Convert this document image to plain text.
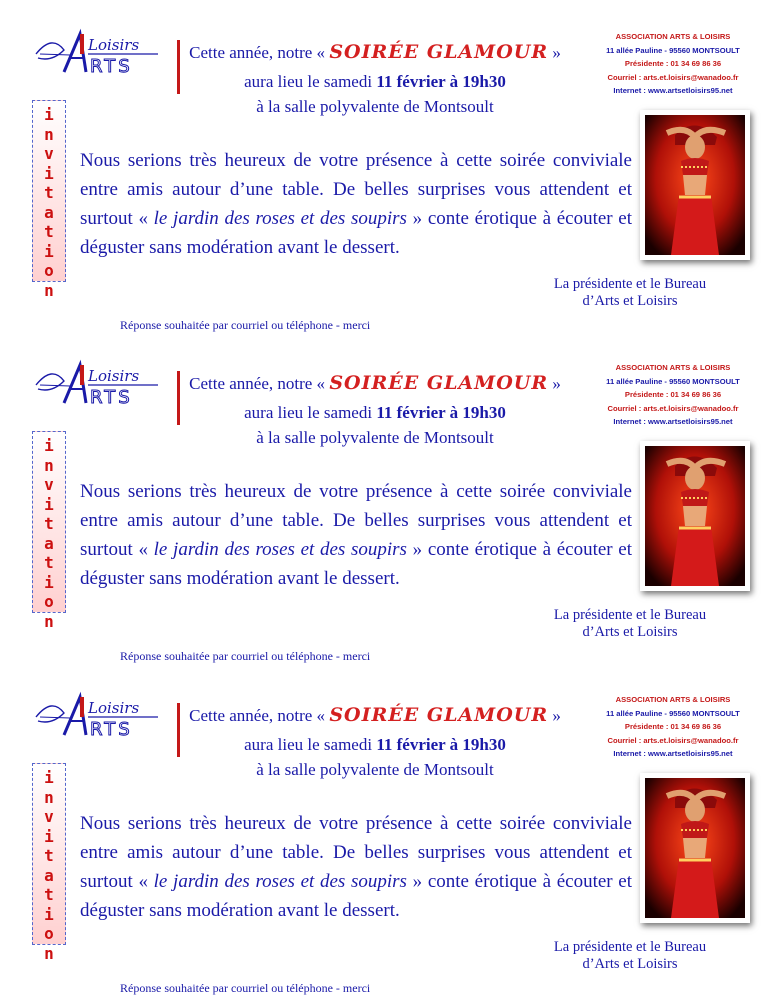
Loisirs
RTS
Cette année, notre « SOIRÉE GLAMOUR »
aura lieu le samedi 11 février à 19h30
à la salle polyvalente de Montsoult
ASSOCIATION ARTS & LOISIRS
11 allée Pauline - 95560 MONTSOULT
Présidente : 01 34 69 86 36
Courriel : arts.et.loisirs@wanadoo.fr
Internet : www.artsetloisirs95.net
i
n
v
i
t
a
t
i
o
n
Nous serions très heureux de votre présence à cette soirée conviviale entre amis autour d’une table. De belles surprises vous attendent et surtout « le jardin des roses et des soupirs » conte érotique à écouter et déguster sans modération avant le dessert.
Réponse souhaitée par courriel ou téléphone - merci
La présidente et le Bureau
d’Arts et Loisirs
Loisirs
RTS
Cette année, notre « SOIRÉE GLAMOUR »
aura lieu le samedi 11 février à 19h30
à la salle polyvalente de Montsoult
ASSOCIATION ARTS & LOISIRS
11 allée Pauline - 95560 MONTSOULT
Présidente : 01 34 69 86 36
Courriel : arts.et.loisirs@wanadoo.fr
Internet : www.artsetloisirs95.net
i
n
v
i
t
a
t
i
o
n
Nous serions très heureux de votre présence à cette soirée conviviale entre amis autour d’une table. De belles surprises vous attendent et surtout « le jardin des roses et des soupirs » conte érotique à écouter et déguster sans modération avant le dessert.
Réponse souhaitée par courriel ou téléphone - merci
La présidente et le Bureau
d’Arts et Loisirs
Loisirs
RTS
Cette année, notre « SOIRÉE GLAMOUR »
aura lieu le samedi 11 février à 19h30
à la salle polyvalente de Montsoult
ASSOCIATION ARTS & LOISIRS
11 allée Pauline - 95560 MONTSOULT
Présidente : 01 34 69 86 36
Courriel : arts.et.loisirs@wanadoo.fr
Internet : www.artsetloisirs95.net
i
n
v
i
t
a
t
i
o
n
Nous serions très heureux de votre présence à cette soirée conviviale entre amis autour d’une table. De belles surprises vous attendent et surtout « le jardin des roses et des soupirs » conte érotique à écouter et déguster sans modération avant le dessert.
Réponse souhaitée par courriel ou téléphone - merci
La présidente et le Bureau
d’Arts et Loisirs
